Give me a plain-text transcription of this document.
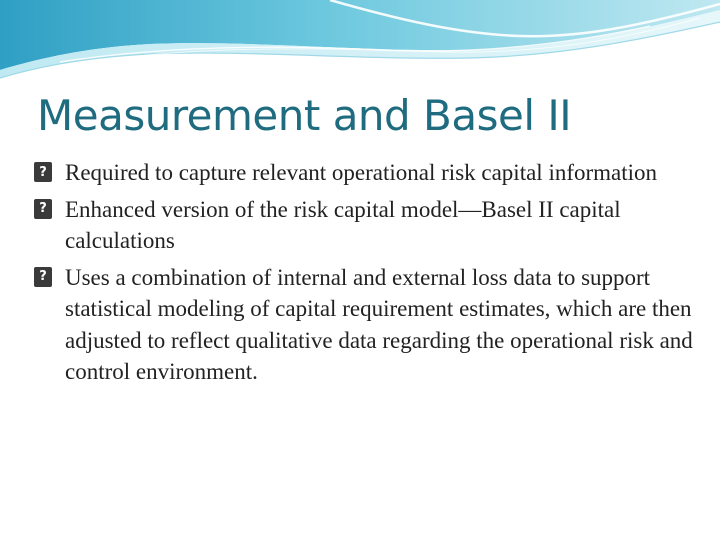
Measurement and Basel II
? Required to capture relevant operational risk capital information
? Enhanced version of the risk capital model—Basel II capital calculations
? Uses a combination of internal and external loss data to support statistical modeling of capital requirement estimates, which are then adjusted to reflect qualitative data regarding the operational risk and control environment.
